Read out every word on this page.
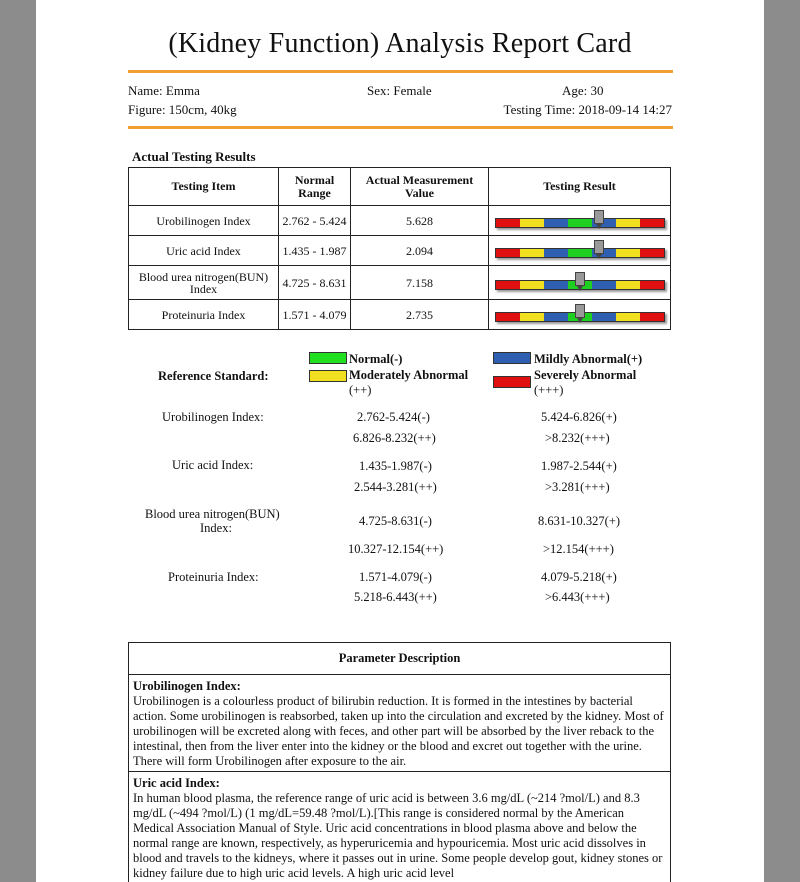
(Kidney Function) Analysis Report Card
Name: Emma	Sex: Female	Age: 30
Figure: 150cm, 40kg	Testing Time: 2018-09-14 14:27
Actual Testing Results
Testing Item	Normal Range	Actual Measurement Value	Testing Result
Urobilinogen Index	2.762 - 5.424	5.628	

Uric acid Index	1.435 - 1.987	2.094	

Blood urea nitrogen(BUN) Index	4.725 - 8.631	7.158	

Proteinuria Index	1.571 - 4.079	2.735	
Reference Standard:
Normal(-)	Mildly Abnormal(+)
Moderately Abnormal
(++)
Severely Abnormal
(+++)
Urobilinogen Index:	2.762-5.424(-)	5.424-6.826(+)
6.826-8.232(++)	>8.232(+++)
Uric acid Index:	1.435-1.987(-)	1.987-2.544(+)
2.544-3.281(++)	>3.281(+++)
Blood urea nitrogen(BUN)
Index:	4.725-8.631(-)	8.631-10.327(+)
10.327-12.154(++)	>12.154(+++)
Proteinuria Index:	1.571-4.079(-)	4.079-5.218(+)
5.218-6.443(++)	>6.443(+++)
Parameter Description
Urobilinogen Index:
Urobilinogen is a colourless product of bilirubin reduction. It is formed in the intestines by bacterial action. Some urobilinogen is reabsorbed, taken up into the circulation and excreted by the kidney. Most of urobilinogen will be excreted along with feces, and other part will be absorbed by the liver reback to the intestinal, then from the liver enter into the kidney or the blood and excret out together with the urine. There will form Urobilinogen after exposure to the air.
Uric acid Index:
In human blood plasma, the reference range of uric acid is between 3.6 mg/dL (~214 ?mol/L) and 8.3 mg/dL (~494 ?mol/L) (1 mg/dL=59.48 ?mol/L).[This range is considered normal by the American Medical Association Manual of Style. Uric acid concentrations in blood plasma above and below the normal range are known, respectively, as hyperuricemia and hypouricemia. Most uric acid dissolves in blood and travels to the kidneys, where it passes out in urine. Some people develop gout, kidney stones or kidney failure due to high uric acid levels. A high uric acid level
